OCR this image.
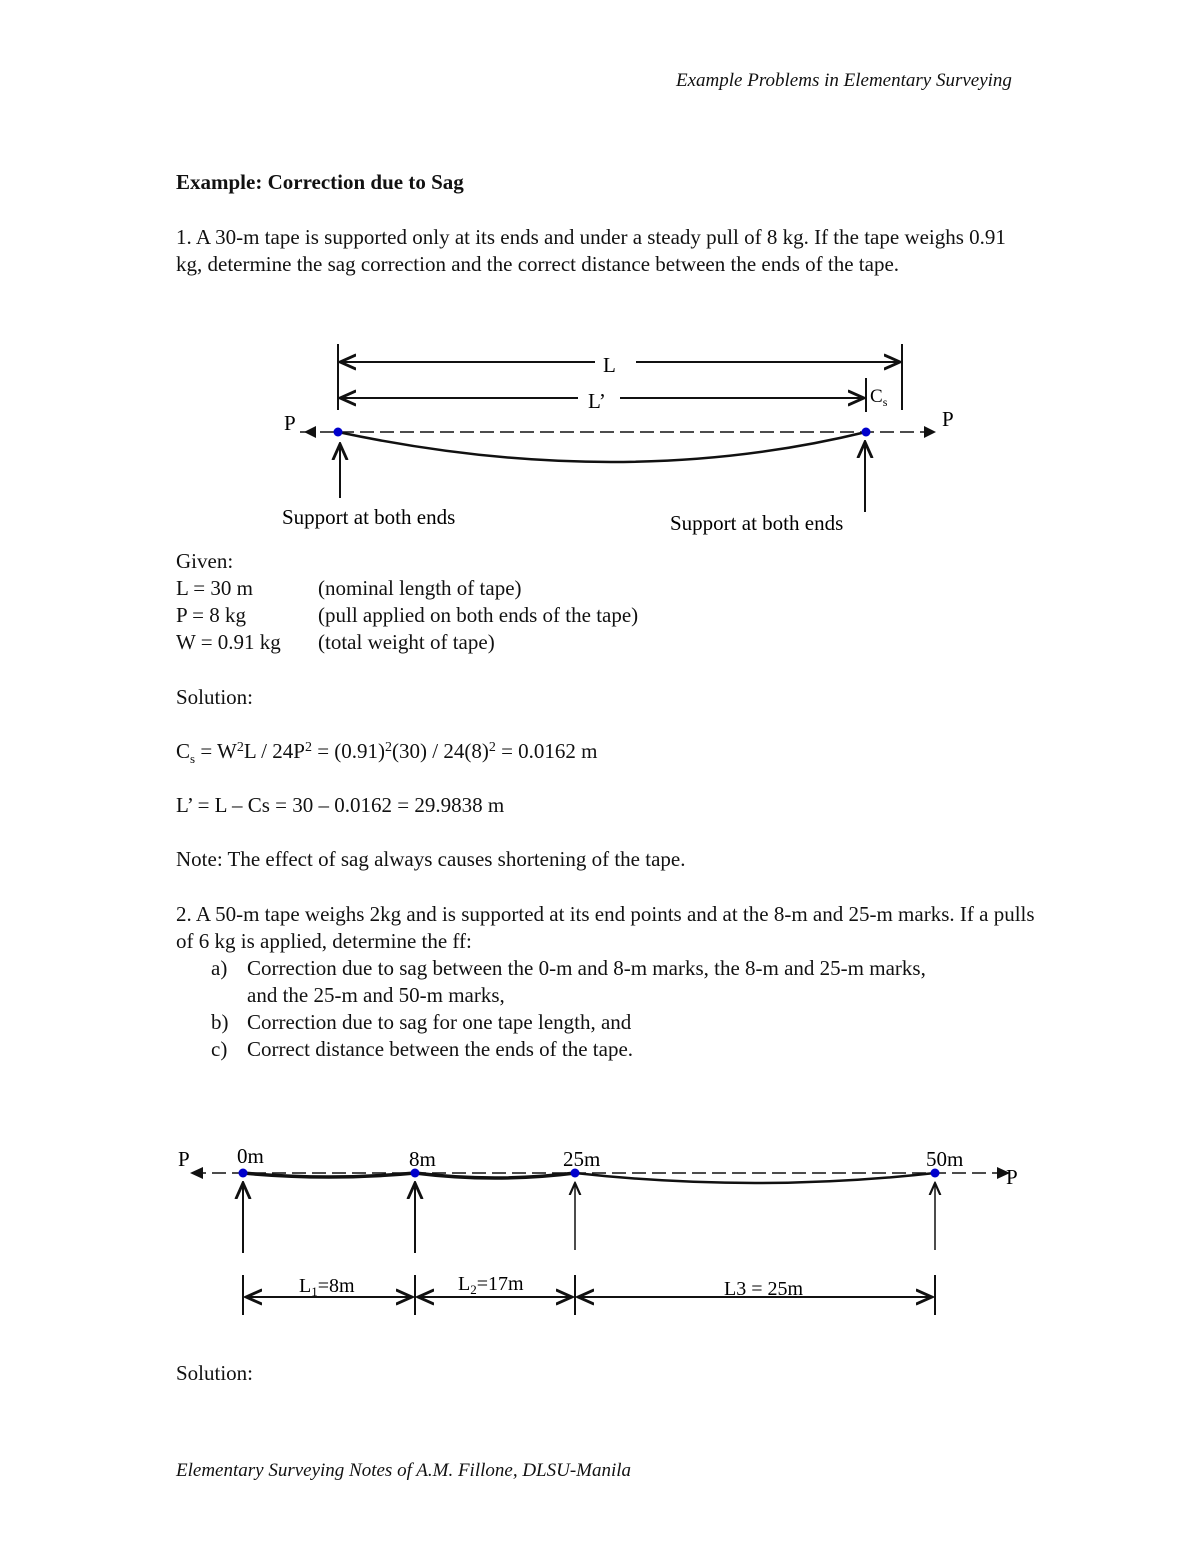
Example Problems in Elementary Surveying
Example: Correction due to Sag
1. A 30-m tape is supported only at its ends and under a steady pull of 8 kg. If the tape weighs 0.91 kg, determine the sag correction and the correct distance between the ends of the tape.
L
L’	$C_s$
P	P
Support at both ends	Support at both ends
Given:
L = 30 m	(nominal length of tape)
P = 8 kg	(pull applied on both ends of the tape)
W = 0.91 kg (total weight of tape)
Solution:
$C_s = W^2L / 24P^2 = (0.91)^2(30) / 24(8)^2 = 0.0162$ m
L’ = L – Cs = 30 – 0.0162 = 29.9838 m
Note: The effect of sag always causes shortening of the tape.
2. A 50-m tape weighs 2kg and is supported at its end points and at the 8-m and 25-m marks. If a pulls of 6 kg is applied, determine the ff:
a) Correction due to sag between the 0-m and 8-m marks, the 8-m and 25-m marks,
and the 25-m and 50-m marks,
b) Correction due to sag for one tape length, and
c) Correct distance between the ends of the tape.
P
P
0m	8m	25m	50m
$L_1=8m$	$L_2=17m$	L3 = 25m
Solution:
Elementary Surveying Notes of A.M. Fillone, DLSU-Manila
